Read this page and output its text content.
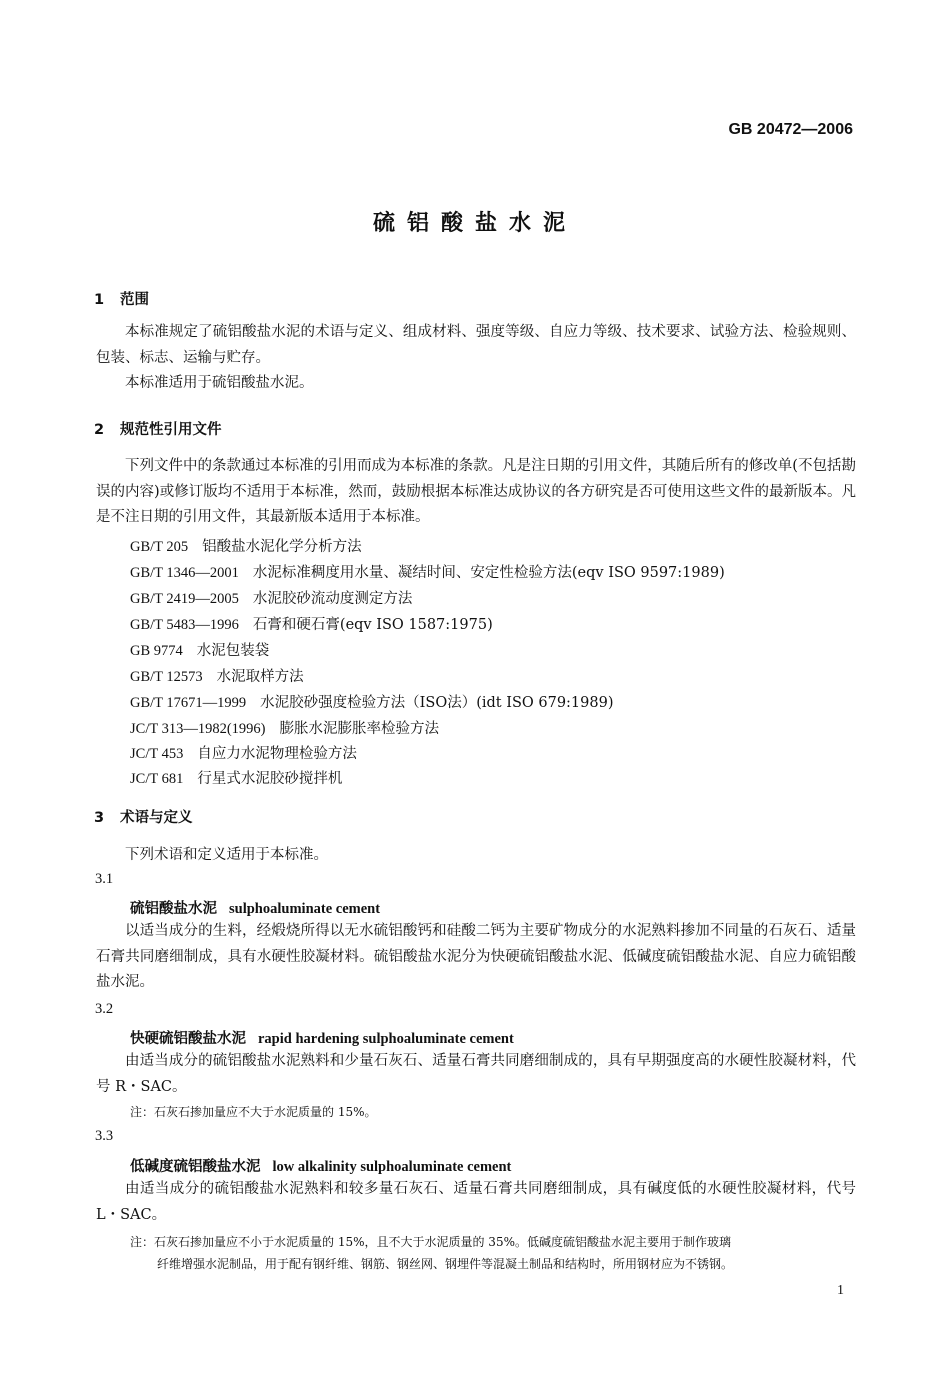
GB 20472—2006
硫铝酸盐水泥
1 范围

本标准规定了硫铝酸盐水泥的术语与定义、组成材料、强度等级、自应力等级、技术要求、试验方法、检验规则、包装、标志、运输与贮存。

本标准适用于硫铝酸盐水泥。

2 规范性引用文件

下列文件中的条款通过本标准的引用而成为本标准的条款。凡是注日期的引用文件，其随后所有的修改单(不包括勘误的内容)或修订版均不适用于本标准，然而，鼓励根据本标准达成协议的各方研究是否可使用这些文件的最新版本。凡是不注日期的引用文件，其最新版本适用于本标准。

GB/T 205 铝酸盐水泥化学分析方法
GB/T 1346—2001 水泥标准稠度用水量、凝结时间、安定性检验方法(eqv ISO 9597:1989)
GB/T 2419—2005 水泥胶砂流动度测定方法
GB/T 5483—1996 石膏和硬石膏(eqv ISO 1587:1975)
GB 9774 水泥包装袋
GB/T 12573 水泥取样方法
GB/T 17671—1999 水泥胶砂强度检验方法（ISO法）(idt ISO 679:1989)
JC/T 313—1982(1996) 膨胀水泥膨胀率检验方法
JC/T 453 自应力水泥物理检验方法
JC/T 681 行星式水泥胶砂搅拌机
3 术语与定义

下列术语和定义适用于本标准。

3.1
硫铝酸盐水泥 sulphoaluminate cement

以适当成分的生料，经煅烧所得以无水硫铝酸钙和硅酸二钙为主要矿物成分的水泥熟料掺加不同量的石灰石、适量石膏共同磨细制成，具有水硬性胶凝材料。硫铝酸盐水泥分为快硬硫铝酸盐水泥、低碱度硫铝酸盐水泥、自应力硫铝酸盐水泥。

3.2
快硬硫铝酸盐水泥 rapid hardening sulphoaluminate cement

由适当成分的硫铝酸盐水泥熟料和少量石灰石、适量石膏共同磨细制成的，具有早期强度高的水硬性胶凝材料，代号 R・SAC。

注：石灰石掺加量应不大于水泥质量的 15%。
3.3
低碱度硫铝酸盐水泥 low alkalinity sulphoaluminate cement

由适当成分的硫铝酸盐水泥熟料和较多量石灰石、适量石膏共同磨细制成，具有碱度低的水硬性胶凝材料，代号 L・SAC。

注：石灰石掺加量应不小于水泥质量的 15%，且不大于水泥质量的 35%。低碱度硫铝酸盐水泥主要用于制作玻璃
纤维增强水泥制品，用于配有钢纤维、钢筋、钢丝网、钢埋件等混凝土制品和结构时，所用钢材应为不锈钢。
1
